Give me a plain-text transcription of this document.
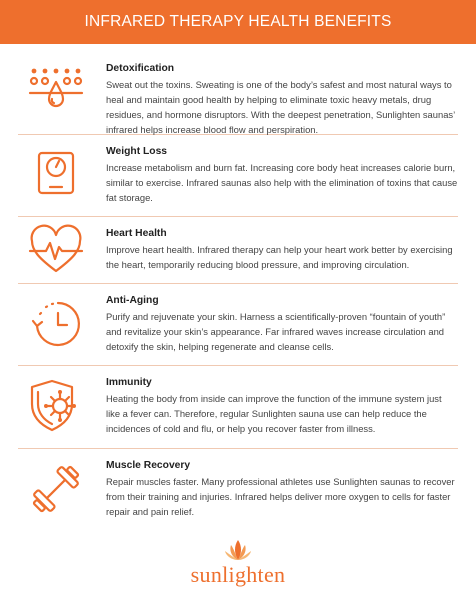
INFRARED THERAPY HEALTH BENEFITS
Detoxification
Sweat out the toxins. Sweating is one of the body’s safest and most natural ways to heal and maintain good health by helping to eliminate toxic heavy metals, drug residues, and hormone disruptors. With the deepest penetration, Sunlighten saunas’ infrared helps increase blood flow and perspiration.
Weight Loss
Increase metabolism and burn fat. Increasing core body heat increases calorie burn, similar to exercise. Infrared saunas also help with the elimination of toxins that cause fat storage.
Heart Health
Improve heart health. Infrared therapy can help your heart work better by exercising the heart, temporarily reducing blood pressure, and improving circulation.
Anti-Aging
Purify and rejuvenate your skin. Harness a scientifically-proven “fountain of youth” and revitalize your skin’s appearance. Far infrared waves increase circulation and detoxify the skin, helping regenerate and cleanse cells.
Immunity
Heating the body from inside can improve the function of the immune system just like a fever can. Therefore, regular Sunlighten sauna use can help reduce the incidences of cold and flu, or help you recover faster from illness.
Muscle Recovery
Repair muscles faster. Many professional athletes use Sunlighten saunas to recover from their training and injuries. Infrared helps deliver more oxygen to cells for faster repair and pain relief.
sunlighten
